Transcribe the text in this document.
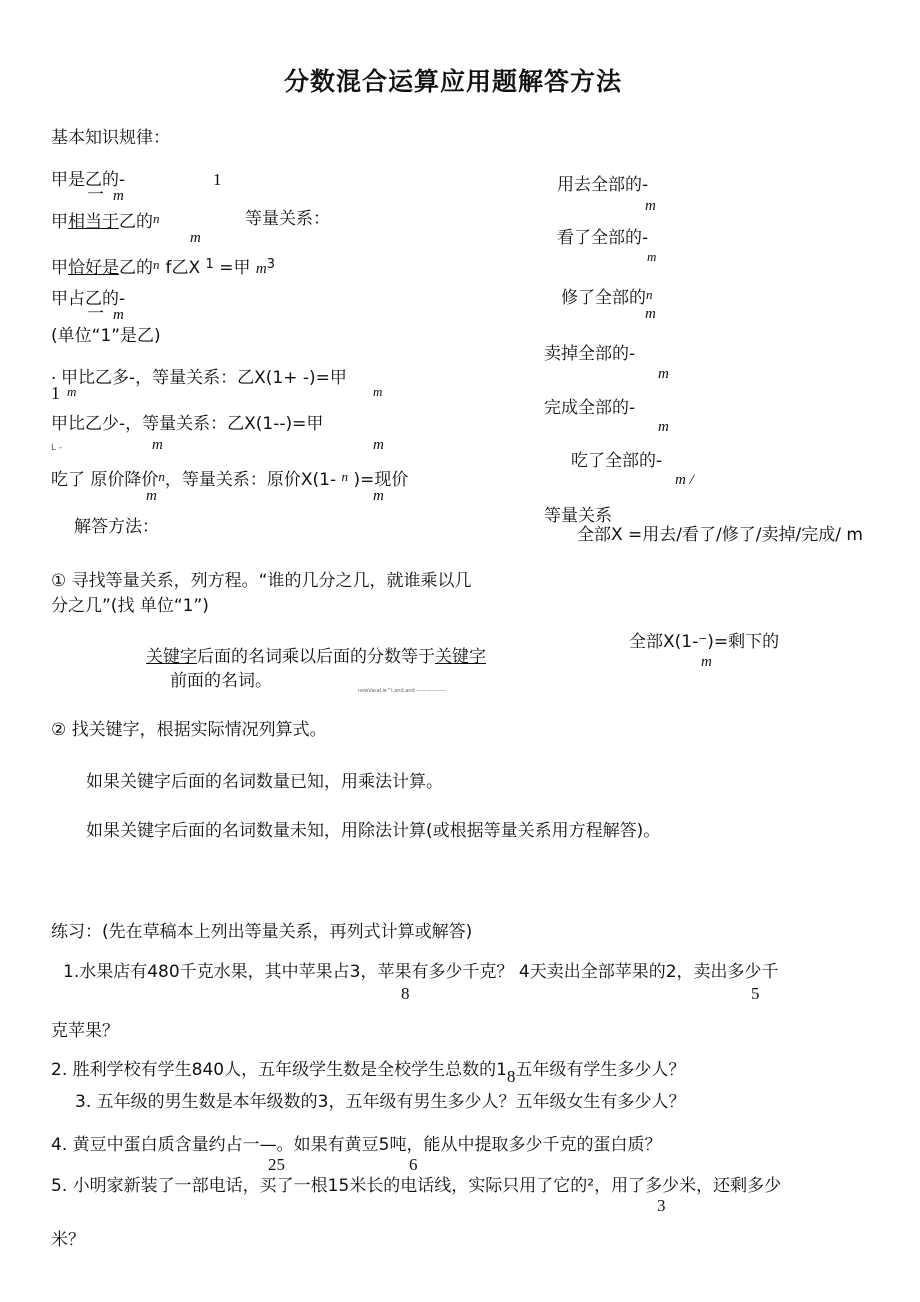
分数混合运算应用题解答方法
基本知识规律：
甲是乙的-	1
一 m
甲相当于乙的$^n$	等量关系：
m
甲恰好是乙的$^n$ f乙X $^1$ =甲 $m^3$
甲占乙的-
一 m
(单位“1”是乙)
. 甲比乙多-，等量关系：乙X(1+ -)=甲
1 m	m
甲比乙少-，等量关系：乙X(1--)=甲
L -	m	m
吃了 原价降价$^n$，等量关系：原价X(1- $^n$ )=现价
m	m
用去全部的-
m
看了全部的-
m
修了全部的$^n$
m
卖掉全部的-
m
完成全部的-
m
吃了全部的-
m /
等量关系
全部X =用去/看了/修了/卖掉/完成/ m
全部X(1-⁻)=剩下的
m
解答方法：
① 寻找等量关系，列方程。“谁的几分之几，就谁乘以几
分之几”(找 单位“1”)
关键字后面的名词乘以后面的分数等于关键字
前面的名词。	newVaral,ie^I,and,and ——————
② 找关键字，根据实际情况列算式。
如果关键字后面的名词数量已知，用乘法计算。
如果关键字后面的名词数量未知，用除法计算(或根据等量关系用方程解答)。
练习：(先在草稿本上列出等量关系，再列式计算或解答)
1.水果店有480千克水果，其中苹果占3，苹果有多少千克？ 4天卖出全部苹果的2，卖出多少千
8	5
克苹果？
2. 胜利学校有学生840人，五年级学生数是全校学生总数的18五年级有学生多少人？
3. 五年级的男生数是本年级数的3，五年级有男生多少人？五年级女生有多少人？
4. 黄豆中蛋白质含量约占一—。如果有黄豆5吨，能从中提取多少千克的蛋白质？
25	6
5. 小明家新装了一部电话，买了一根15米长的电话线，实际只用了它的²，用了多少米，还剩多少
3
米？
